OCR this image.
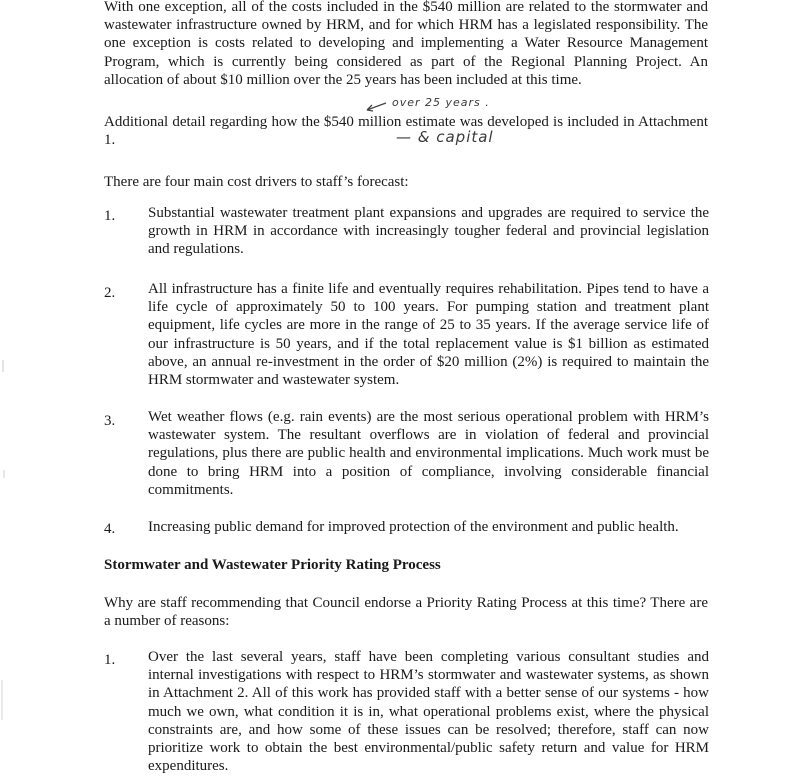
With one exception, all of the costs included in the $540 million are related to the stormwater and wastewater infrastructure owned by HRM, and for which HRM has a legislated responsibility. The one exception is costs related to developing and implementing a Water Resource Management Program, which is currently being considered as part of the Regional Planning Project. An allocation of about $10 million over the 25 years has been included at this time.

over 25 years .

Additional detail regarding how the $540 million estimate was developed is included in Attachment 1.	— & capital

There are four main cost drivers to staff’s forecast:

1. Substantial wastewater treatment plant expansions and upgrades are required to service the growth in HRM in accordance with increasingly tougher federal and provincial legislation and regulations.

2. All infrastructure has a finite life and eventually requires rehabilitation. Pipes tend to have a life cycle of approximately 50 to 100 years. For pumping station and treatment plant equipment, life cycles are more in the range of 25 to 35 years. If the average service life of our infrastructure is 50 years, and if the total replacement value is $1 billion as estimated above, an annual re-investment in the order of $20 million (2%) is required to maintain the HRM stormwater and wastewater system.

3. Wet weather flows (e.g. rain events) are the most serious operational problem with HRM’s wastewater system. The resultant overflows are in violation of federal and provincial regulations, plus there are public health and environmental implications. Much work must be done to bring HRM into a position of compliance, involving considerable financial commitments.

4. Increasing public demand for improved protection of the environment and public health.

Stormwater and Wastewater Priority Rating Process

Why are staff recommending that Council endorse a Priority Rating Process at this time? There are a number of reasons:

1. Over the last several years, staff have been completing various consultant studies and internal investigations with respect to HRM’s stormwater and wastewater systems, as shown in Attachment 2. All of this work has provided staff with a better sense of our systems - how much we own, what condition it is in, what operational problems exist, where the physical constraints are, and how some of these issues can be resolved; therefore, staff can now prioritize work to obtain the best environmental/public safety return and value for HRM expenditures.
